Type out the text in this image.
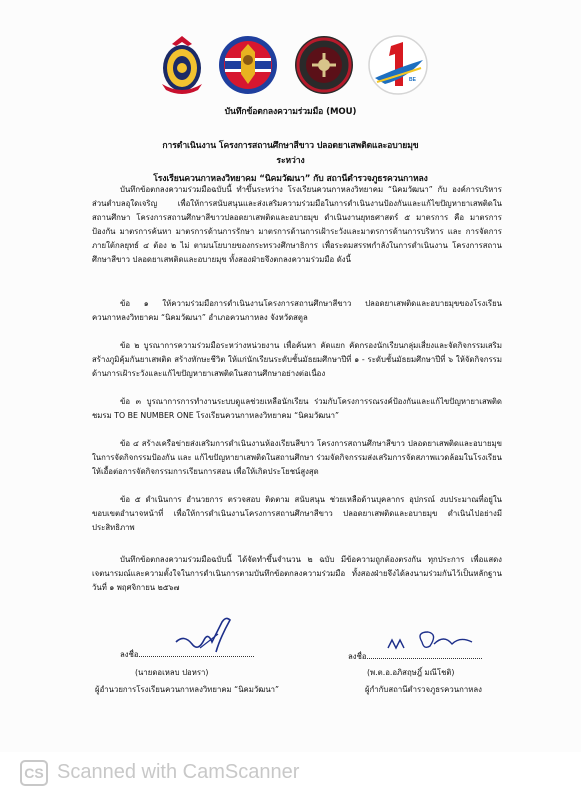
BE
บันทึกข้อตกลงความร่วมมือ (MOU)
การดำเนินงาน โครงการสถานศึกษาสีขาว ปลอดยาเสพติดและอบายมุข
ระหว่าง
โรงเรียนควนกาหลงวิทยาคม “นิคมวัฒนา” กับ สถานีตำรวจภูธรควนกาหลง
บันทึกข้อตกลงความร่วมมือฉบับนี้ ทำขึ้นระหว่าง โรงเรียนควนกาหลงวิทยาคม “นิคมวัฒนา” กับ องค์การบริหารส่วนตำบลอุใดเจริญ เพื่อให้การสนับสนุนและส่งเสริมความร่วมมือในการดำเนินงานป้องกันและแก้ไขปัญหายาเสพติดในสถานศึกษา โครงการสถานศึกษาสีขาวปลอดยาเสพติดและอบายมุข ดำเนินงานยุทธศาสตร์ ๕ มาตรการ คือ มาตรการป้องกัน มาตรการค้นหา มาตรการด้านการรักษา มาตรการด้านการเฝ้าระวังและมาตรการด้านการบริหาร และ การจัดการ ภายใต้กลยุทธ์ ๔ ต้อง ๒ ไม่ ตามนโยบายของกระทรวงศึกษาธิการ เพื่อระดมสรรพกำลังในการดำเนินงาน โครงการสถานศึกษาสีขาว ปลอดยาเสพติดและอบายมุข ทั้งสองฝ่ายจึงตกลงความร่วมมือ ดังนี้
ข้อ ๑ ให้ความร่วมมือการดำเนินงานโครงการสถานศึกษาสีขาว ปลอดยาเสพติดและอบายมุขของโรงเรียนควนกาหลงวิทยาคม “นิคมวัฒนา” อำเภอควนกาหลง จังหวัดสตูล
ข้อ ๒ บูรณาการความร่วมมือระหว่างหน่วยงาน เพื่อค้นหา คัดแยก คัดกรองนักเรียนกลุ่มเสี่ยงและจัดกิจกรรมเสริมสร้างภูมิคุ้มกันยาเสพติด สร้างทักษะชีวิต ให้แก่นักเรียนระดับชั้นมัธยมศึกษาปีที่ ๑ - ระดับชั้นมัธยมศึกษาปีที่ ๖ ให้จัดกิจกรรมด้านการเฝ้าระวังและแก้ไขปัญหายาเสพติดในสถานศึกษาอย่างต่อเนื่อง
ข้อ ๓ บูรณาการการทำงานระบบดูแลช่วยเหลือนักเรียน ร่วมกับโครงการรณรงค์ป้องกันและแก้ไขปัญหายาเสพติด ชมรม TO BE NUMBER ONE โรงเรียนควนกาหลงวิทยาคม “นิคมวัฒนา”
ข้อ ๔ สร้างเครือข่ายส่งเสริมการดำเนินงานห้องเรียนสีขาว โครงการสถานศึกษาสีขาว ปลอดยาเสพติดและอบายมุข ในการจัดกิจกรรมป้องกัน และ แก้ไขปัญหายาเสพติดในสถานศึกษา ร่วมจัดกิจกรรมส่งเสริมการจัดสภาพแวดล้อมในโรงเรียนให้เอื้อต่อการจัดกิจกรรมการเรียนการสอน เพื่อให้เกิดประโยชน์สูงสุด
ข้อ ๕ ดำเนินการ อำนวยการ ตรวจสอบ ติดตาม สนับสนุน ช่วยเหลือด้านบุคลากร อุปกรณ์ งบประมาณที่อยู่ในขอบเขตอำนาจหน้าที่ เพื่อให้การดำเนินงานโครงการสถานศึกษาสีขาว ปลอดยาเสพติดและอบายมุข ดำเนินไปอย่างมีประสิทธิภาพ
บันทึกข้อตกลงความร่วมมือฉบับนี้ ได้จัดทำขึ้นจำนวน ๒ ฉบับ มีข้อความถูกต้องตรงกัน ทุกประการ เพื่อแสดงเจตนารมณ์และความตั้งใจในการดำเนินการตามบันทึกข้อตกลงความร่วมมือ ทั้งสองฝ่ายจึงได้ลงนามร่วมกันไว้เป็นหลักฐาน วันที่ ๑ พฤศจิกายน ๒๕๖๗
ลงชื่อ
(นายดอเหลบ ปอหรา)
ผู้อำนวยการโรงเรียนควนกาหลงวิทยาคม “นิคมวัฒนา”
ลงชื่อ
(พ.ต.อ.อภิสฤษฎิ์ มณีโชติ)
ผู้กำกับสถานีตำรวจภูธรควนกาหลง
CS Scanned with CamScanner
